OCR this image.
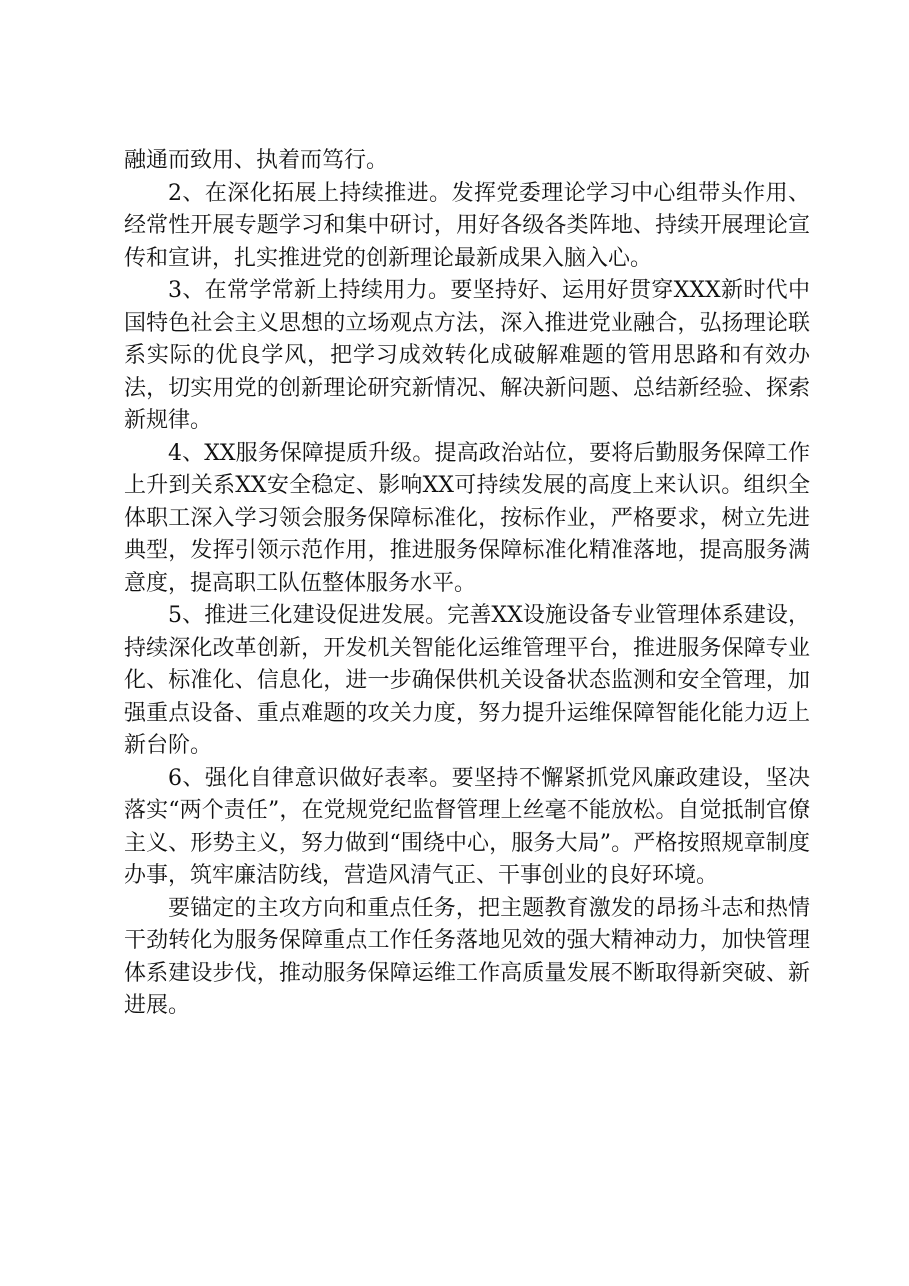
融通而致用、执着而笃行。

2、在深化拓展上持续推进。发挥党委理论学习中心组带头作用、经常性开展专题学习和集中研讨，用好各级各类阵地、持续开展理论宣传和宣讲，扎实推进党的创新理论最新成果入脑入心。

3、在常学常新上持续用力。要坚持好、运用好贯穿XXX新时代中国特色社会主义思想的立场观点方法，深入推进党业融合，弘扬理论联系实际的优良学风，把学习成效转化成破解难题的管用思路和有效办法，切实用党的创新理论研究新情况、解决新问题、总结新经验、探索新规律。

4、XX服务保障提质升级。提高政治站位，要将后勤服务保障工作上升到关系XX安全稳定、影响XX可持续发展的高度上来认识。组织全体职工深入学习领会服务保障标准化，按标作业，严格要求，树立先进典型，发挥引领示范作用，推进服务保障标准化精准落地，提高服务满意度，提高职工队伍整体服务水平。

5、推进三化建设促进发展。完善XX设施设备专业管理体系建设，持续深化改革创新，开发机关智能化运维管理平台，推进服务保障专业化、标准化、信息化，进一步确保供机关设备状态监测和安全管理，加强重点设备、重点难题的攻关力度，努力提升运维保障智能化能力迈上新台阶。

6、强化自律意识做好表率。要坚持不懈紧抓党风廉政建设，坚决落实“两个责任”，在党规党纪监督管理上丝毫不能放松。自觉抵制官僚主义、形势主义，努力做到“围绕中心，服务大局”。严格按照规章制度办事，筑牢廉洁防线，营造风清气正、干事创业的良好环境。

要锚定的主攻方向和重点任务，把主题教育激发的昂扬斗志和热情干劲转化为服务保障重点工作任务落地见效的强大精神动力，加快管理体系建设步伐，推动服务保障运维工作高质量发展不断取得新突破、新进展。
